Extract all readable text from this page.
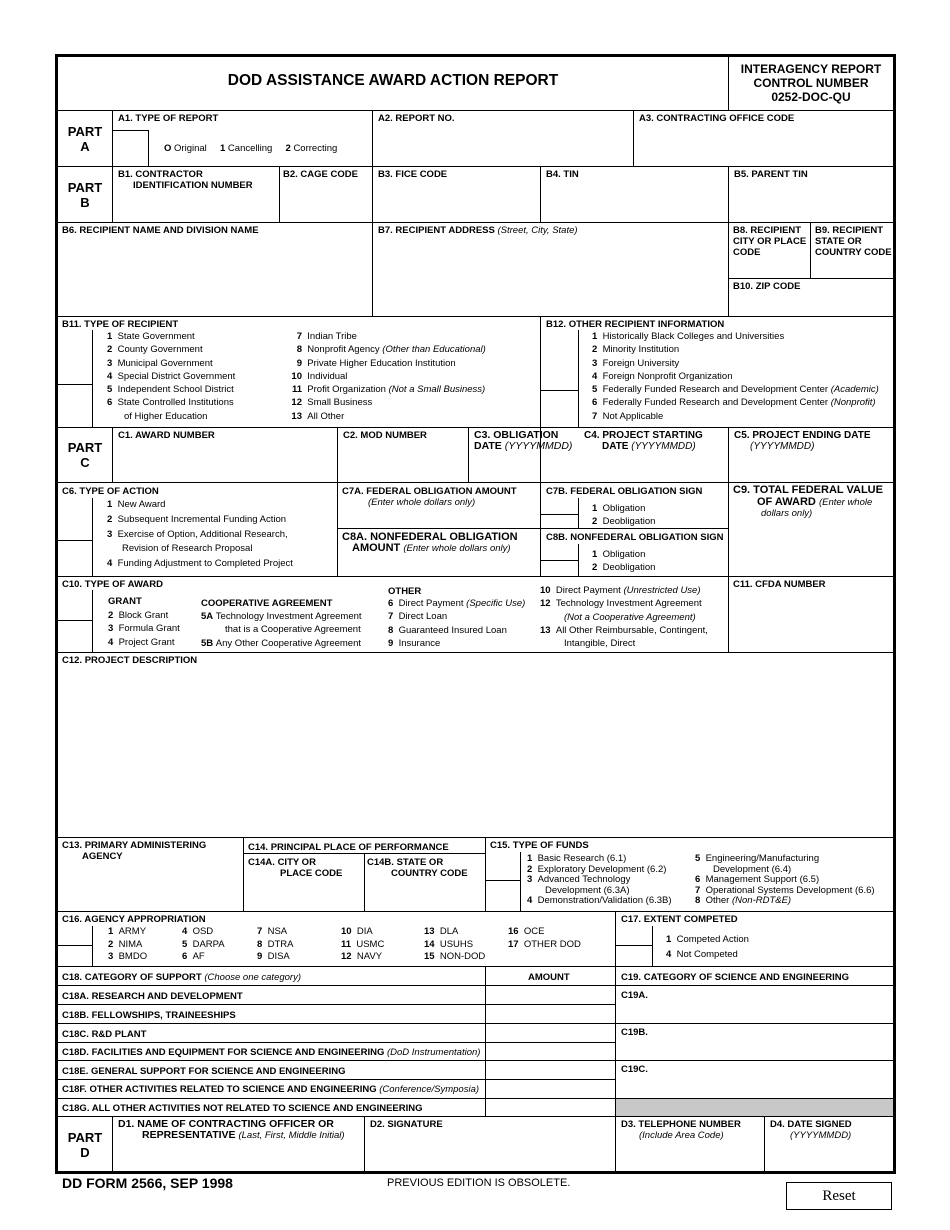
DOD ASSISTANCE AWARD ACTION REPORT
INTERAGENCY REPORT
CONTROL NUMBER
0252-DOC-QU
PART
A
A1. TYPE OF REPORT
O Original 1 Cancelling 2 Correcting
A2. REPORT NO.	A3. CONTRACTING OFFICE CODE
PART
B
B1. CONTRACTOR
IDENTIFICATION NUMBER
B2. CAGE CODE B3. FICE CODE	B4. TIN	B5. PARENT TIN
B6. RECIPIENT NAME AND DIVISION NAME	B7. RECIPIENT ADDRESS (Street, City, State)	B8. RECIPIENT
CITY OR PLACE
CODE
B9. RECIPIENT
STATE OR
COUNTRY CODE
B10. ZIP CODE
B11. TYPE OF RECIPIENT
1 State Government
2 County Government
3 Municipal Government
4 Special District Government
5 Independent School District
6 State Controlled Institutions
of Higher Education
7 Indian Tribe
8 Nonprofit Agency (Other than Educational)
9 Private Higher Education Institution
10 Individual
11 Profit Organization (Not a Small Business)
12 Small Business
13 All Other
B12. OTHER RECIPIENT INFORMATION
1 Historically Black Colleges and Universities
2 Minority Institution
3 Foreign University
4 Foreign Nonprofit Organization
5 Federally Funded Research and Development Center (Academic)
6 Federally Funded Research and Development Center (Nonprofit)
7 Not Applicable
PART
C
C1. AWARD NUMBER	C2. MOD NUMBER	C3. OBLIGATION
DATE (YYYYMMDD)
C4. PROJECT STARTING
DATE (YYYYMMDD)
C5. PROJECT ENDING DATE
(YYYYMMDD)
C6. TYPE OF ACTION
1 New Award
2 Subsequent Incremental Funding Action
3 Exercise of Option, Additional Research,
Revision of Research Proposal
4 Funding Adjustment to Completed Project
C7A. FEDERAL OBLIGATION AMOUNT
(Enter whole dollars only)
C8A. NONFEDERAL OBLIGATION
AMOUNT (Enter whole dollars only)
C7B. FEDERAL OBLIGATION SIGN
1 Obligation
2 Deobligation
C8B. NONFEDERAL OBLIGATION SIGN
1 Obligation
2 Deobligation
C9. TOTAL FEDERAL VALUE
OF AWARD (Enter whole
dollars only)
C10. TYPE OF AWARD
GRANT
2 Block Grant
3 Formula Grant
4 Project Grant
COOPERATIVE AGREEMENT
5A Technology Investment Agreement
that is a Cooperative Agreement
5B Any Other Cooperative Agreement
OTHER
6 Direct Payment (Specific Use)
7 Direct Loan
8 Guaranteed Insured Loan
9 Insurance
10 Direct Payment (Unrestricted Use)
12 Technology Investment Agreement
(Not a Cooperative Agreement)
13 All Other Reimbursable, Contingent,
Intangible, Direct
C11. CFDA NUMBER
C12. PROJECT DESCRIPTION
C13. PRIMARY ADMINISTERING
AGENCY
C14. PRINCIPAL PLACE OF PERFORMANCE
C14A. CITY OR
PLACE CODE
C14B. STATE OR
COUNTRY CODE
C15. TYPE OF FUNDS
1 Basic Research (6.1)
2 Exploratory Development (6.2)
3 Advanced Technology
Development (6.3A)
4 Demonstration/Validation (6.3B)
5 Engineering/Manufacturing
Development (6.4)
6 Management Support (6.5)
7 Operational Systems Development (6.6)
8 Other (Non-RDT&E)
C16. AGENCY APPROPRIATION
1 ARMY
2 NIMA
3 BMDO
4 OSD
5 DARPA
6 AF
7 NSA
8 DTRA
9 DISA
10 DIA
11 USMC
12 NAVY
13 DLA
14 USUHS
15 NON-DOD
16 OCE
17 OTHER DOD
C17. EXTENT COMPETED
1 Competed Action
4 Not Competed
C18. CATEGORY OF SUPPORT (Choose one category)	AMOUNT
C18A. RESEARCH AND DEVELOPMENT
C18B. FELLOWSHIPS, TRAINEESHIPS
C18C. R&D PLANT
C18D. FACILITIES AND EQUIPMENT FOR SCIENCE AND ENGINEERING (DoD Instrumentation)
C18E. GENERAL SUPPORT FOR SCIENCE AND ENGINEERING
C18F. OTHER ACTIVITIES RELATED TO SCIENCE AND ENGINEERING (Conference/Symposia)
C18G. ALL OTHER ACTIVITIES NOT RELATED TO SCIENCE AND ENGINEERING
C19. CATEGORY OF SCIENCE AND ENGINEERING
C19A.
C19B.
C19C.
PART
D
D1. NAME OF CONTRACTING OFFICER OR
REPRESENTATIVE (Last, First, Middle Initial)
D2. SIGNATURE	D3. TELEPHONE NUMBER
(Include Area Code)
D4. DATE SIGNED
(YYYYMMDD)
DD FORM 2566, SEP 1998	PREVIOUS EDITION IS OBSOLETE.
Reset
